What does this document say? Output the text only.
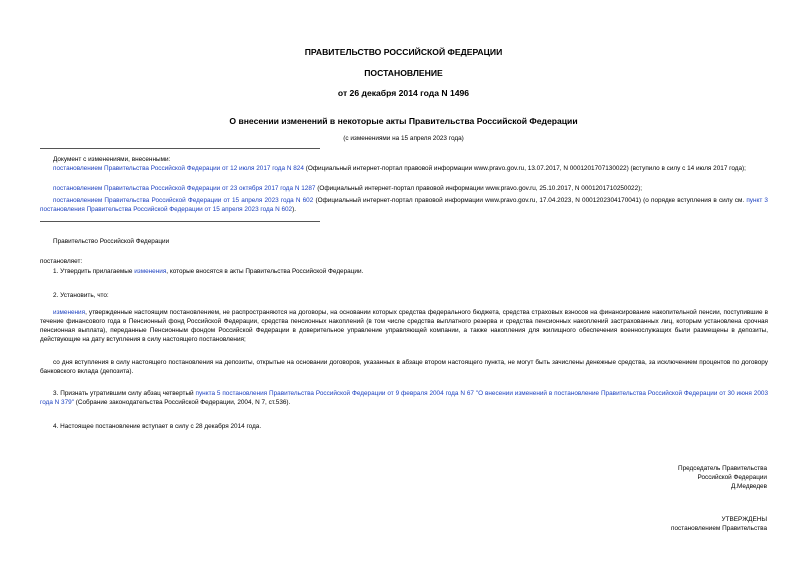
ПРАВИТЕЛЬСТВО РОССИЙСКОЙ ФЕДЕРАЦИИ
ПОСТАНОВЛЕНИЕ
от 26 декабря 2014 года N 1496
О внесении изменений в некоторые акты Правительства Российской Федерации
(с изменениями на 15 апреля 2023 года)
Документ с изменениями, внесенными:
постановлением Правительства Российской Федерации от 12 июля 2017 года N 824 (Официальный интернет-портал правовой информации www.pravo.gov.ru, 13.07.2017, N 0001201707130022) (вступило в силу с 14 июля 2017 года);
постановлением Правительства Российской Федерации от 23 октября 2017 года N 1287 (Официальный интернет-портал правовой информации www.pravo.gov.ru, 25.10.2017, N 0001201710250022);
постановлением Правительства Российской Федерации от 15 апреля 2023 года N 602 (Официальный интернет-портал правовой информации www.pravo.gov.ru, 17.04.2023, N 0001202304170041) (о порядке вступления в силу см. пункт 3 постановления Правительства Российской Федерации от 15 апреля 2023 года N 602).
Правительство Российской Федерации
постановляет:
1. Утвердить прилагаемые изменения, которые вносятся в акты Правительства Российской Федерации.
2. Установить, что:
изменения, утвержденные настоящим постановлением, не распространяются на договоры, на основании которых средства федерального бюджета, средства страховых взносов на финансирование накопительной пенсии, поступившие в течение финансового года в Пенсионный фонд Российской Федерации, средства пенсионных накоплений (в том числе средства выплатного резерва и средства пенсионных накоплений застрахованных лиц, которым установлена срочная пенсионная выплата), переданные Пенсионным фондом Российской Федерации в доверительное управление управляющей компании, а также накопления для жилищного обеспечения военнослужащих были размещены в депозиты, действующие на дату вступления в силу настоящего постановления;
со дня вступления в силу настоящего постановления на депозиты, открытые на основании договоров, указанных в абзаце втором настоящего пункта, не могут быть зачислены денежные средства, за исключением процентов по договору банковского вклада (депозита).
3. Признать утратившим силу абзац четвертый пункта 5 постановления Правительства Российской Федерации от 9 февраля 2004 года N 67 "О внесении изменений в постановление Правительства Российской Федерации от 30 июня 2003 года N 379" (Собрание законодательства Российской Федерации, 2004, N 7, ст.536).
4. Настоящее постановление вступает в силу с 28 декабря 2014 года.
Председатель Правительства
Российской Федерации
Д.Медведев
УТВЕРЖДЕНЫ
постановлением Правительства
